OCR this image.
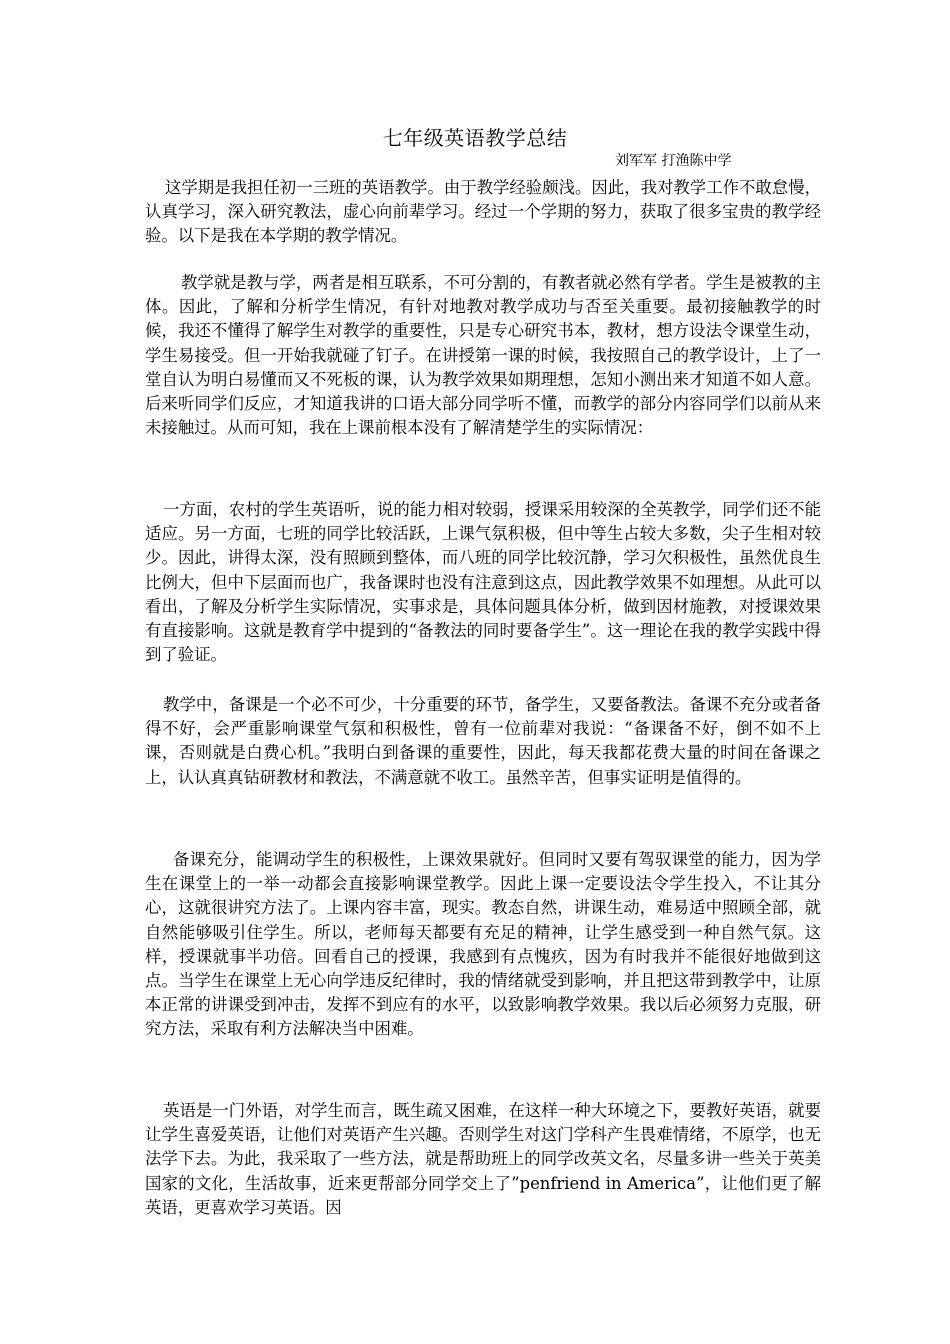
七年级英语教学总结
刘军军 打渔陈中学
这学期是我担任初一三班的英语教学。由于教学经验颇浅。因此，我对教学工作不敢怠慢，认真学习，深入研究教法，虚心向前辈学习。经过一个学期的努力，获取了很多宝贵的教学经验。以下是我在本学期的教学情况。
教学就是教与学，两者是相互联系，不可分割的，有教者就必然有学者。学生是被教的主体。因此，了解和分析学生情况，有针对地教对教学成功与否至关重要。最初接触教学的时候，我还不懂得了解学生对教学的重要性，只是专心研究书本，教材，想方设法令课堂生动，学生易接受。但一开始我就碰了钉子。在讲授第一课的时候，我按照自己的教学设计，上了一堂自认为明白易懂而又不死板的课，认为教学效果如期理想，怎知小测出来才知道不如人意。后来听同学们反应，才知道我讲的口语大部分同学听不懂，而教学的部分内容同学们以前从来未接触过。从而可知，我在上课前根本没有了解清楚学生的实际情况：
一方面，农村的学生英语听，说的能力相对较弱，授课采用较深的全英教学，同学们还不能适应。另一方面，七班的同学比较活跃，上课气氛积极，但中等生占较大多数，尖子生相对较少。因此，讲得太深，没有照顾到整体，而八班的同学比较沉静，学习欠积极性，虽然优良生比例大，但中下层面而也广，我备课时也没有注意到这点，因此教学效果不如理想。从此可以看出，了解及分析学生实际情况，实事求是，具体问题具体分析，做到因材施教，对授课效果有直接影响。这就是教育学中提到的“备教法的同时要备学生”。这一理论在我的教学实践中得到了验证。
教学中，备课是一个必不可少，十分重要的环节，备学生，又要备教法。备课不充分或者备得不好，会严重影响课堂气氛和积极性，曾有一位前辈对我说：“备课备不好，倒不如不上课，否则就是白费心机。”我明白到备课的重要性，因此，每天我都花费大量的时间在备课之上，认认真真钻研教材和教法，不满意就不收工。虽然辛苦，但事实证明是值得的。
备课充分，能调动学生的积极性，上课效果就好。但同时又要有驾驭课堂的能力，因为学生在课堂上的一举一动都会直接影响课堂教学。因此上课一定要设法令学生投入，不让其分心，这就很讲究方法了。上课内容丰富，现实。教态自然，讲课生动，难易适中照顾全部，就自然能够吸引住学生。所以，老师每天都要有充足的精神，让学生感受到一种自然气氛。这样，授课就事半功倍。回看自己的授课，我感到有点愧疚，因为有时我并不能很好地做到这点。当学生在课堂上无心向学违反纪律时，我的情绪就受到影响，并且把这带到教学中，让原本正常的讲课受到冲击，发挥不到应有的水平，以致影响教学效果。我以后必须努力克服，研究方法，采取有利方法解决当中困难。
英语是一门外语，对学生而言，既生疏又困难，在这样一种大环境之下，要教好英语，就要让学生喜爱英语，让他们对英语产生兴趣。否则学生对这门学科产生畏难情绪，不原学，也无法学下去。为此，我采取了一些方法，就是帮助班上的同学改英文名，尽量多讲一些关于英美国家的文化，生活故事，近来更帮部分同学交上了”penfriend in America”，让他们更了解英语，更喜欢学习英语。因
